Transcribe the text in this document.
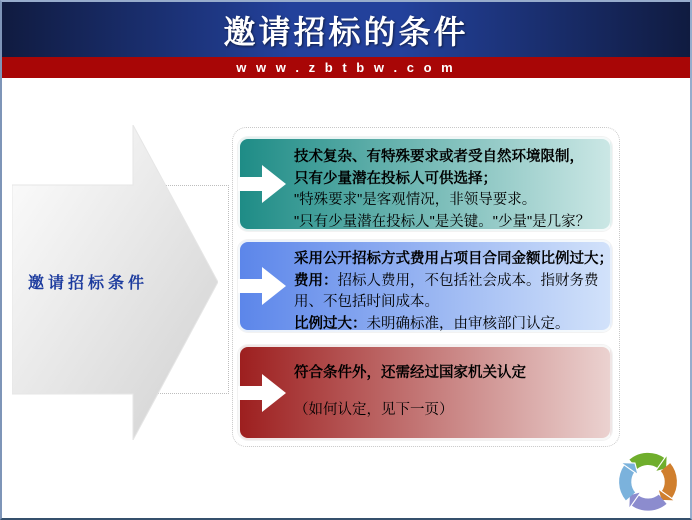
邀请招标的条件
w w w . z b t b w . c o m
邀请招标条件
技术复杂、有特殊要求或者受自然环境限制，
只有少量潜在投标人可供选择；
"特殊要求"是客观情况，非领导要求。
"只有少量潜在投标人"是关键。"少量"是几家？
采用公开招标方式费用占项目合同金额比例过大；
费用：招标人费用，不包括社会成本。指财务费
用、不包括时间成本。
比例过大：未明确标准，由审核部门认定。
符合条件外，还需经过国家机关认定
（如何认定，见下一页）
